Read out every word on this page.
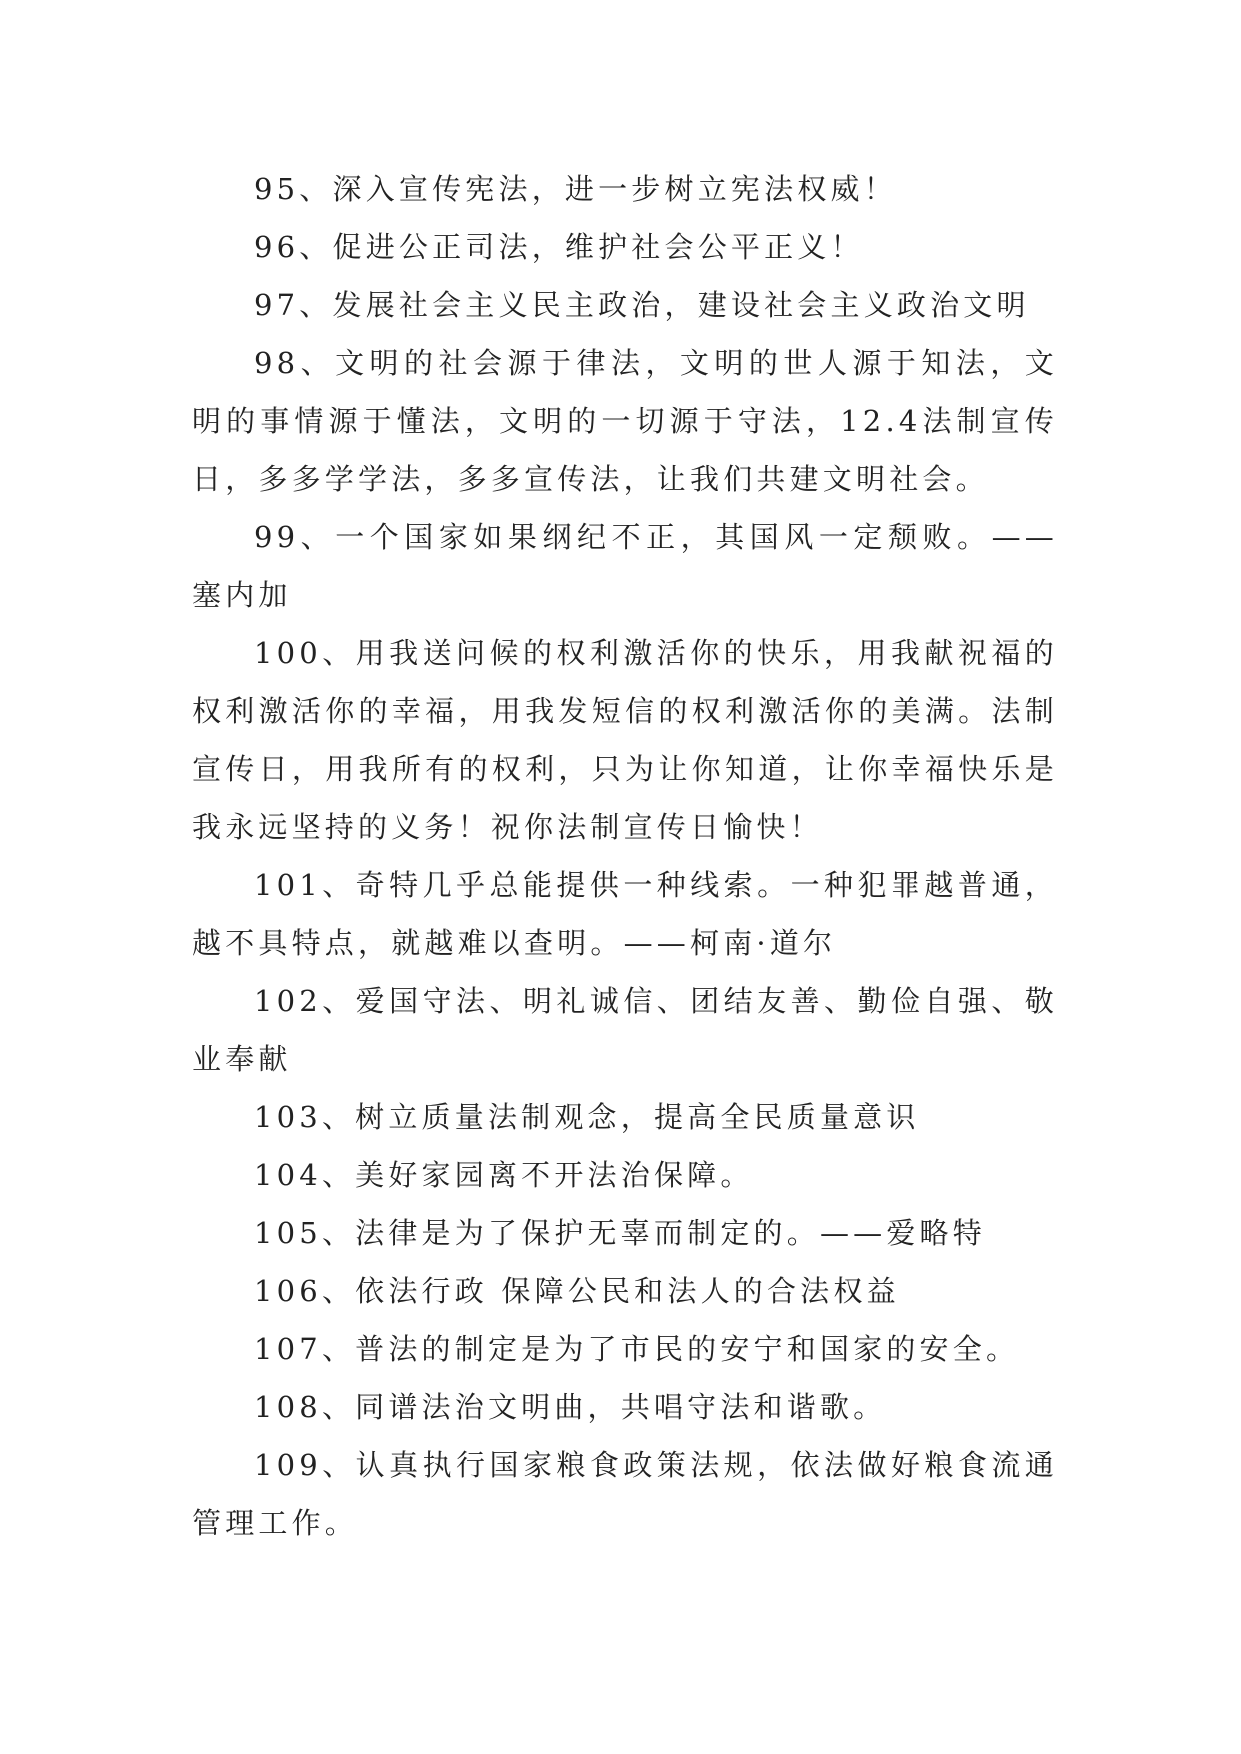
95、深入宣传宪法，进一步树立宪法权威！

96、促进公正司法，维护社会公平正义！

97、发展社会主义民主政治，建设社会主义政治文明

98、文明的社会源于律法，文明的世人源于知法，文明的事情源于懂法，文明的一切源于守法，12.4法制宣传日，多多学学法，多多宣传法，让我们共建文明社会。

99、一个国家如果纲纪不正，其国风一定颓败。——塞内加

100、用我送问候的权利激活你的快乐，用我献祝福的权利激活你的幸福，用我发短信的权利激活你的美满。法制宣传日，用我所有的权利，只为让你知道，让你幸福快乐是我永远坚持的义务！祝你法制宣传日愉快！

101、奇特几乎总能提供一种线索。一种犯罪越普通，越不具特点，就越难以查明。——柯南·道尔

102、爱国守法、明礼诚信、团结友善、勤俭自强、敬业奉献

103、树立质量法制观念，提高全民质量意识

104、美好家园离不开法治保障。

105、法律是为了保护无辜而制定的。——爱略特

106、依法行政 保障公民和法人的合法权益

107、普法的制定是为了市民的安宁和国家的安全。

108、同谱法治文明曲，共唱守法和谐歌。

109、认真执行国家粮食政策法规，依法做好粮食流通管理工作。
